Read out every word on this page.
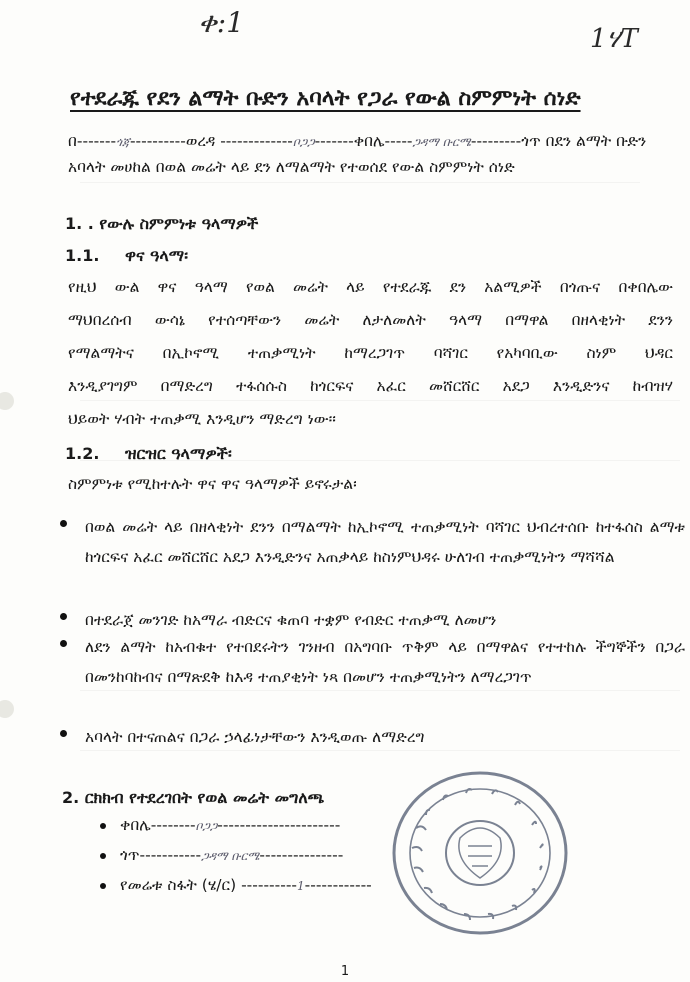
ቀ:1	1ሃT
የተደራጁ የደን ልማት ቡድን አባላት የጋራ የውል ስምምነት ሰነድ
በ-------ጎጃ----------ወረዳ -------------ቦጋጋ-------ቀበሌ-----ጋዳማ ቡርሜ---------ጎጥ በደን ልማት ቡድን
አባላት መሀከል በወል መሬት ላይ ደን ለማልማት የተወሰደ የውል ስምምነት ሰነድ
1. . የውሉ ስምምነቱ ዓላማዎች
1.1. ዋና ዓላማ፡
የዚህ ውል ዋና ዓላማ የወል መሬት ላይ የተደራጁ ደን አልሚዎች በጎጡና በቀበሌው
ማህበረሰብ ውሳኔ የተሰጣቸውን መሬት ለታለመለት ዓላማ በማዋል በዘላቂነት ደንን
የማልማትና በኢኮኖሚ ተጠቃሚነት ከማረጋገጥ ባሻገር የአካባቢው ስነም ህዳር
እንዲያገግም በማድረግ ተፋሰሱስ ከጎርፍና አፈር መሸርሸር አደጋ እንዲድንና ከብዝሃ
ህይወት ሃብት ተጠቃሚ እንዲሆን ማድረግ ነው፡፡
1.2. ዝርዝር ዓላማዎች፡
ስምምነቱ የሚከተሉት ዋና ዋና ዓላማዎች ይኖሩታል፡
በወል መሬት ላይ በዘላቂነት ደንን በማልማት ከኢኮኖሚ ተጠቃሚነት ባሻገር ህብረተሰቡ ከተፋሰስ ልማቱ ከጎርፍና አፈር መሸርሸር አደጋ እንዲድንና አጠቃላይ ከስነምህዳሩ ሁለገብ ተጠቃሚነትን ማሻሻል
በተደራጀ መንገድ ከአማራ ብድርና ቁጠባ ተቋም የብድር ተጠቃሚ ለመሆን
ለደን ልማት ከአብቁተ የተበደሩትን ገንዘብ በአግባቡ ጥቅም ላይ በማዋልና የተተከሉ ችግኞችን በጋራ በመንከባከብና በማጽደቅ ከእዳ ተጠያቂነት ነጻ በመሆን ተጠቃሚነትን ለማረጋገጥ
አባላት በተናጠልና በጋራ ኃላፊነታቸውን እንዲወጡ ለማድረግ
2. ርክክብ የተደረገበት የወል መሬት መግለጫ
ቀበሌ--------ቦጋጋ----------------------
ጎጥ-----------ጋዳማ ቡርሜ---------------
የመሬቱ ስፋት (ሄ/ር) ----------1------------
1
